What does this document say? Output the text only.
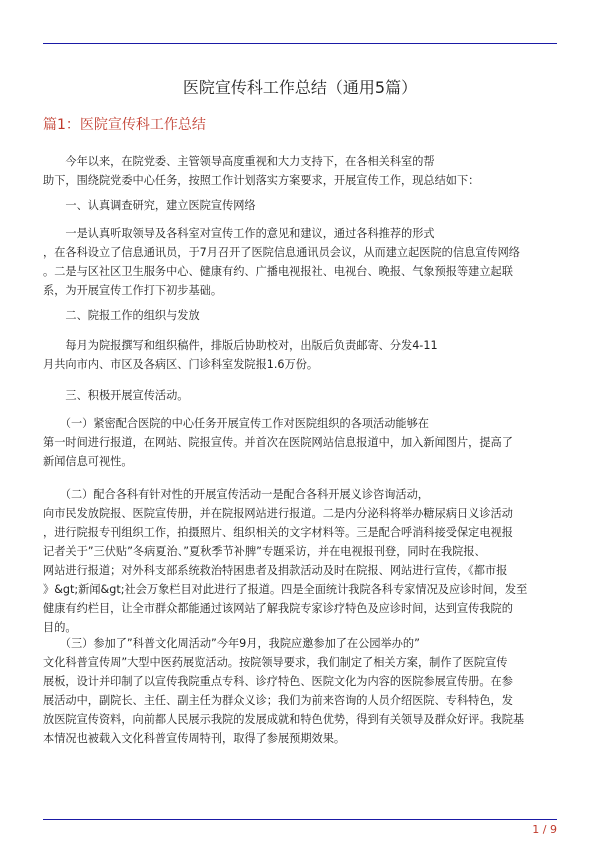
医院宣传科工作总结（通用5篇）
篇1：医院宣传科工作总结
　　今年以来，在院党委、主管领导高度重视和大力支持下，在各相关科室的帮
助下，围绕院党委中心任务，按照工作计划落实方案要求，开展宣传工作，现总结如下：
　　一、认真调查研究，建立医院宣传网络
　　一是认真听取领导及各科室对宣传工作的意见和建议，通过各科推荐的形式
，在各科设立了信息通讯员，于7月召开了医院信息通讯员会议，从而建立起医院的信息宣传网络
。二是与区社区卫生服务中心、健康有约、广播电视报社、电视台、晚报、气象预报等建立起联
系，为开展宣传工作打下初步基础。
　　二、院报工作的组织与发放
　　每月为院报撰写和组织稿件，排版后协助校对，出版后负责邮寄、分发4-11
月共向市内、市区及各病区、门诊科室发院报1.6万份。
　　三、积极开展宣传活动。
　　（一）紧密配合医院的中心任务开展宣传工作对医院组织的各项活动能够在
第一时间进行报道，在网站、院报宣传。并首次在医院网站信息报道中，加入新闻图片，提高了
新闻信息可视性。
　　（二）配合各科有针对性的开展宣传活动一是配合各科开展义诊咨询活动，
向市民发放院报、医院宣传册，并在院报网站进行报道。二是内分泌科将举办糖尿病日义诊活动
，进行院报专刊组织工作，拍摄照片、组织相关的文字材料等。三是配合呼消科接受保定电视报
记者关于”三伏贴”冬病夏治、”夏秋季节补脾”专题采访，并在电视报刊登，同时在我院报、
网站进行报道；对外科支部系统救治特困患者及捐款活动及时在院报、网站进行宣传，《都市报
》&gt;新闻&gt;社会万象栏目对此进行了报道。四是全面统计我院各科专家情况及应诊时间，发至
健康有约栏目，让全市群众都能通过该网站了解我院专家诊疗特色及应诊时间，达到宣传我院的
目的。
　　（三）参加了”科普文化周活动”今年9月，我院应邀参加了在公园举办的”
文化科普宣传周”大型中医药展览活动。按院领导要求，我们制定了相关方案，制作了医院宣传
展板，设计并印制了以宣传我院重点专科、诊疗特色、医院文化为内容的医院参展宣传册。在参
展活动中，副院长、主任、副主任为群众义诊；我们为前来咨询的人员介绍医院、专科特色，发
放医院宣传资料，向前都人民展示我院的发展成就和特色优势，得到有关领导及群众好评。我院基
本情况也被载入文化科普宣传周特刊，取得了参展预期效果。
1 / 9
